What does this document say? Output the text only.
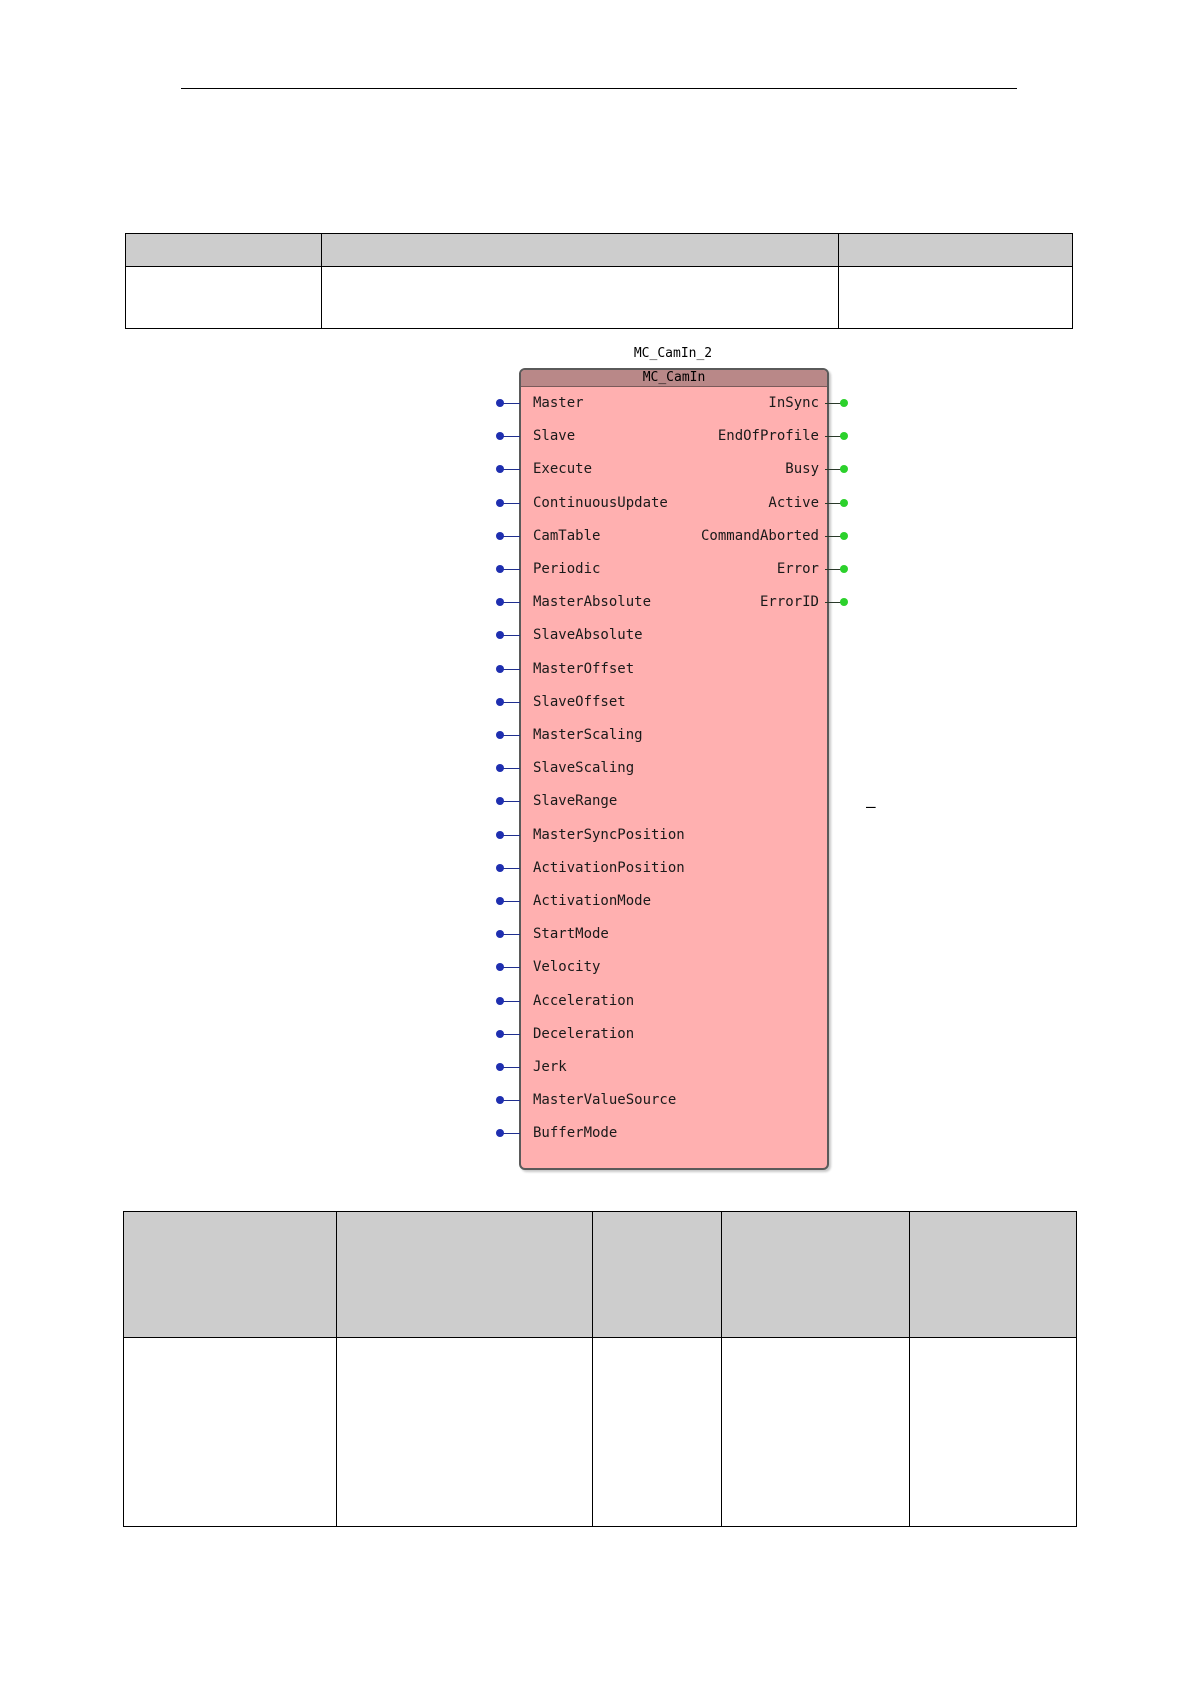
MC_CamIn_2
MC_CamIn
Master
Slave
Execute
ContinuousUpdate
CamTable
Periodic
MasterAbsolute
SlaveAbsolute
MasterOffset
SlaveOffset
MasterScaling
SlaveScaling
SlaveRange
MasterSyncPosition
ActivationPosition
ActivationMode
StartMode
Velocity
Acceleration
Deceleration
Jerk
MasterValueSource
BufferMode
InSync
EndOfProfile
Busy
Active
CommandAborted
Error
ErrorID
–
